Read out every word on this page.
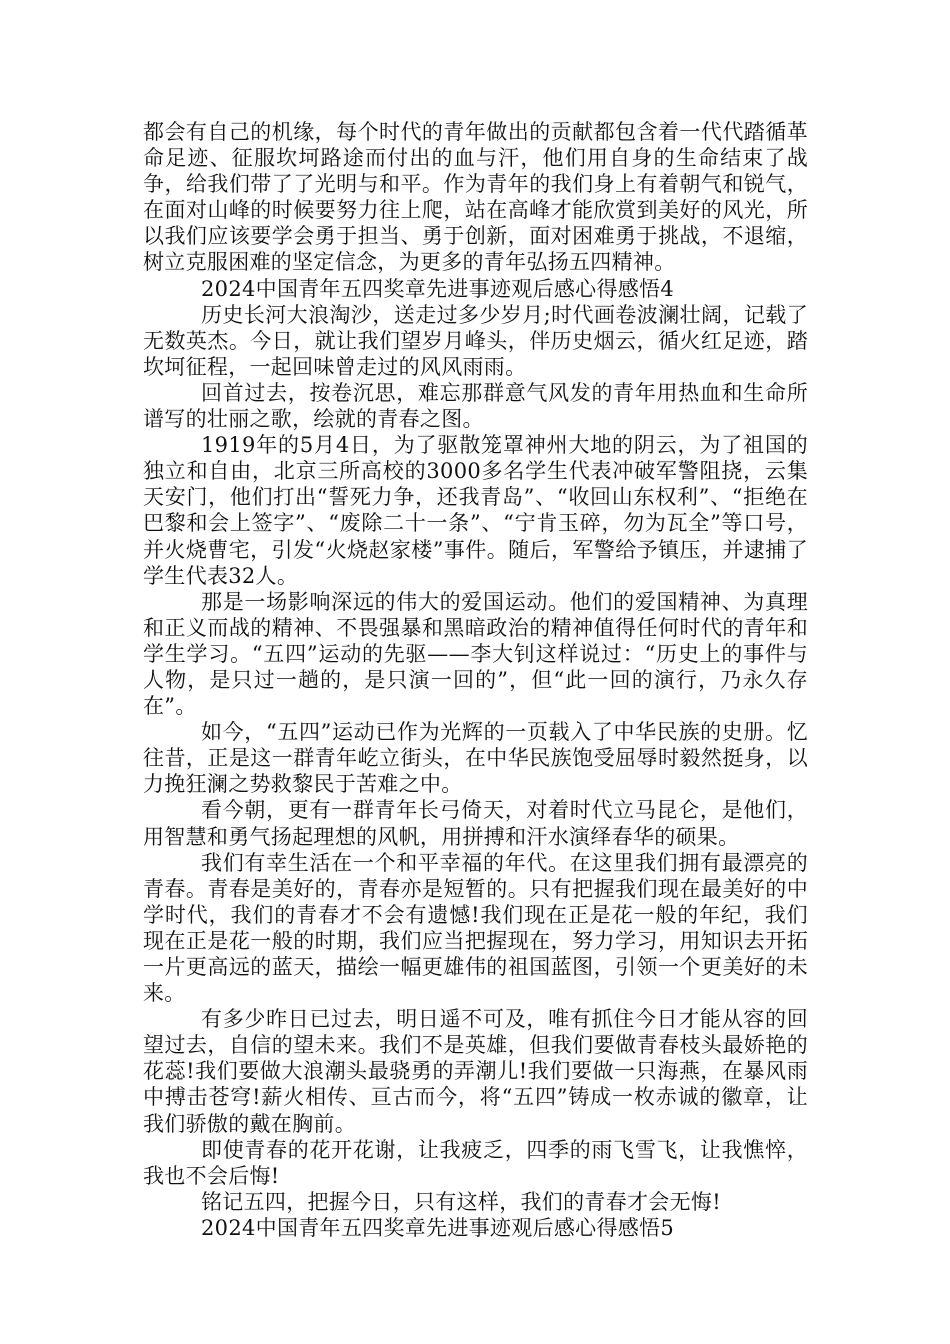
都会有自己的机缘，每个时代的青年做出的贡献都包含着一代代踏循革命足迹、征服坎坷路途而付出的血与汗，他们用自身的生命结束了战争，给我们带了了光明与和平。作为青年的我们身上有着朝气和锐气，在面对山峰的时候要努力往上爬，站在高峰才能欣赏到美好的风光，所以我们应该要学会勇于担当、勇于创新，面对困难勇于挑战，不退缩，树立克服困难的坚定信念，为更多的青年弘扬五四精神。

2024中国青年五四奖章先进事迹观后感心得感悟4

历史长河大浪淘沙，送走过多少岁月;时代画卷波澜壮阔，记载了无数英杰。今日，就让我们望岁月峰头，伴历史烟云，循火红足迹，踏坎坷征程，一起回味曾走过的风风雨雨。

回首过去，按卷沉思，难忘那群意气风发的青年用热血和生命所谱写的壮丽之歌，绘就的青春之图。

1919年的5月4日，为了驱散笼罩神州大地的阴云，为了祖国的独立和自由，北京三所高校的3000多名学生代表冲破军警阻挠，云集天安门，他们打出“誓死力争，还我青岛”、“收回山东权利”、“拒绝在巴黎和会上签字”、“废除二十一条”、“宁肯玉碎，勿为瓦全”等口号，并火烧曹宅，引发“火烧赵家楼”事件。随后，军警给予镇压，并逮捕了学生代表32人。

那是一场影响深远的伟大的爱国运动。他们的爱国精神、为真理和正义而战的精神、不畏强暴和黑暗政治的精神值得任何时代的青年和学生学习。“五四”运动的先驱——李大钊这样说过：“历史上的事件与人物，是只过一趟的，是只演一回的”，但“此一回的演行，乃永久存在”。

如今，“五四”运动已作为光辉的一页载入了中华民族的史册。忆往昔，正是这一群青年屹立街头，在中华民族饱受屈辱时毅然挺身，以力挽狂澜之势救黎民于苦难之中。

看今朝，更有一群青年长弓倚天，对着时代立马昆仑，是他们，用智慧和勇气扬起理想的风帆，用拼搏和汗水演绎春华的硕果。

我们有幸生活在一个和平幸福的年代。在这里我们拥有最漂亮的青春。青春是美好的，青春亦是短暂的。只有把握我们现在最美好的中学时代，我们的青春才不会有遗憾!我们现在正是花一般的年纪，我们现在正是花一般的时期，我们应当把握现在，努力学习，用知识去开拓一片更高远的蓝天，描绘一幅更雄伟的祖国蓝图，引领一个更美好的未来。

有多少昨日已过去，明日遥不可及，唯有抓住今日才能从容的回望过去，自信的望未来。我们不是英雄，但我们要做青春枝头最娇艳的花蕊!我们要做大浪潮头最骁勇的弄潮儿!我们要做一只海燕，在暴风雨中搏击苍穹!薪火相传、亘古而今，将“五四”铸成一枚赤诚的徽章，让我们骄傲的戴在胸前。

即使青春的花开花谢，让我疲乏，四季的雨飞雪飞，让我憔悴，我也不会后悔!

铭记五四，把握今日，只有这样，我们的青春才会无悔!

2024中国青年五四奖章先进事迹观后感心得感悟5
